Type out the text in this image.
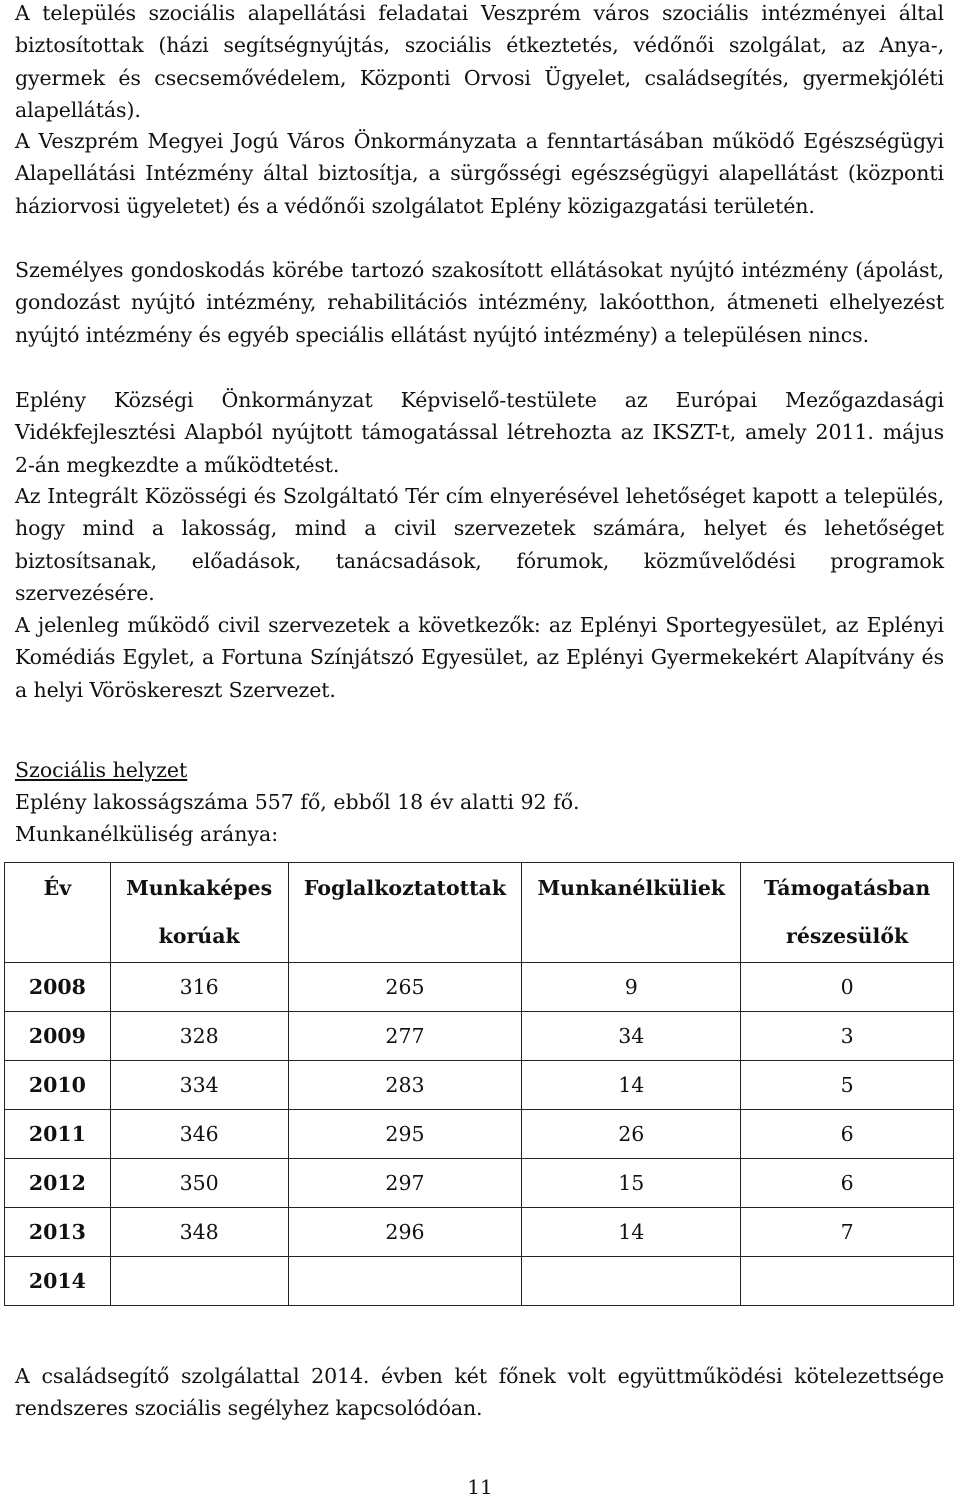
A település szociális alapellátási feladatai Veszprém város szociális intézményei által biztosítottak (házi segítségnyújtás, szociális étkeztetés, védőnői szolgálat, az Anya-, gyermek és csecsemővédelem, Központi Orvosi Ügyelet, családsegítés, gyermekjóléti alapellátás).

A Veszprém Megyei Jogú Város Önkormányzata a fenntartásában működő Egészségügyi Alapellátási Intézmény által biztosítja, a sürgősségi egészségügyi alapellátást (központi háziorvosi ügyeletet) és a védőnői szolgálatot Eplény közigazgatási területén.

Személyes gondoskodás körébe tartozó szakosított ellátásokat nyújtó intézmény (ápolást, gondozást nyújtó intézmény, rehabilitációs intézmény, lakóotthon, átmeneti elhelyezést nyújtó intézmény és egyéb speciális ellátást nyújtó intézmény) a településen nincs.

Eplény Községi Önkormányzat Képviselő-testülete az Európai Mezőgazdasági Vidékfejlesztési Alapból nyújtott támogatással létrehozta az IKSZT-t, amely 2011. május 2-án megkezdte a működtetést.

Az Integrált Közösségi és Szolgáltató Tér cím elnyerésével lehetőséget kapott a település, hogy mind a lakosság, mind a civil szervezetek számára, helyet és lehetőséget biztosítsanak, előadások, tanácsadások, fórumok, közművelődési programok szervezésére.

A jelenleg működő civil szervezetek a következők: az Eplényi Sportegyesület, az Eplényi Komédiás Egylet, a Fortuna Színjátszó Egyesület, az Eplényi Gyermekekért Alapítvány és a helyi Vöröskereszt Szervezet.

Szociális helyzet
Eplény lakosságszáma 557 fő, ebből 18 év alatti 92 fő.
Munkanélküliség aránya:

A családsegítő szolgálattal 2014. évben két főnek volt együttműködési kötelezettsége rendszeres szociális segélyhez kapcsolódóan.

Év	Munkaképes korúak	Foglalkoztatottak	Munkanélküliek	Támogatásban részesülők
2008	316	265	9	0
2009	328	277	34	3
2010	334	283	14	5
2011	346	295	26	6
2012	350	297	15	6
2013	348	296	14	7
2014				
11
